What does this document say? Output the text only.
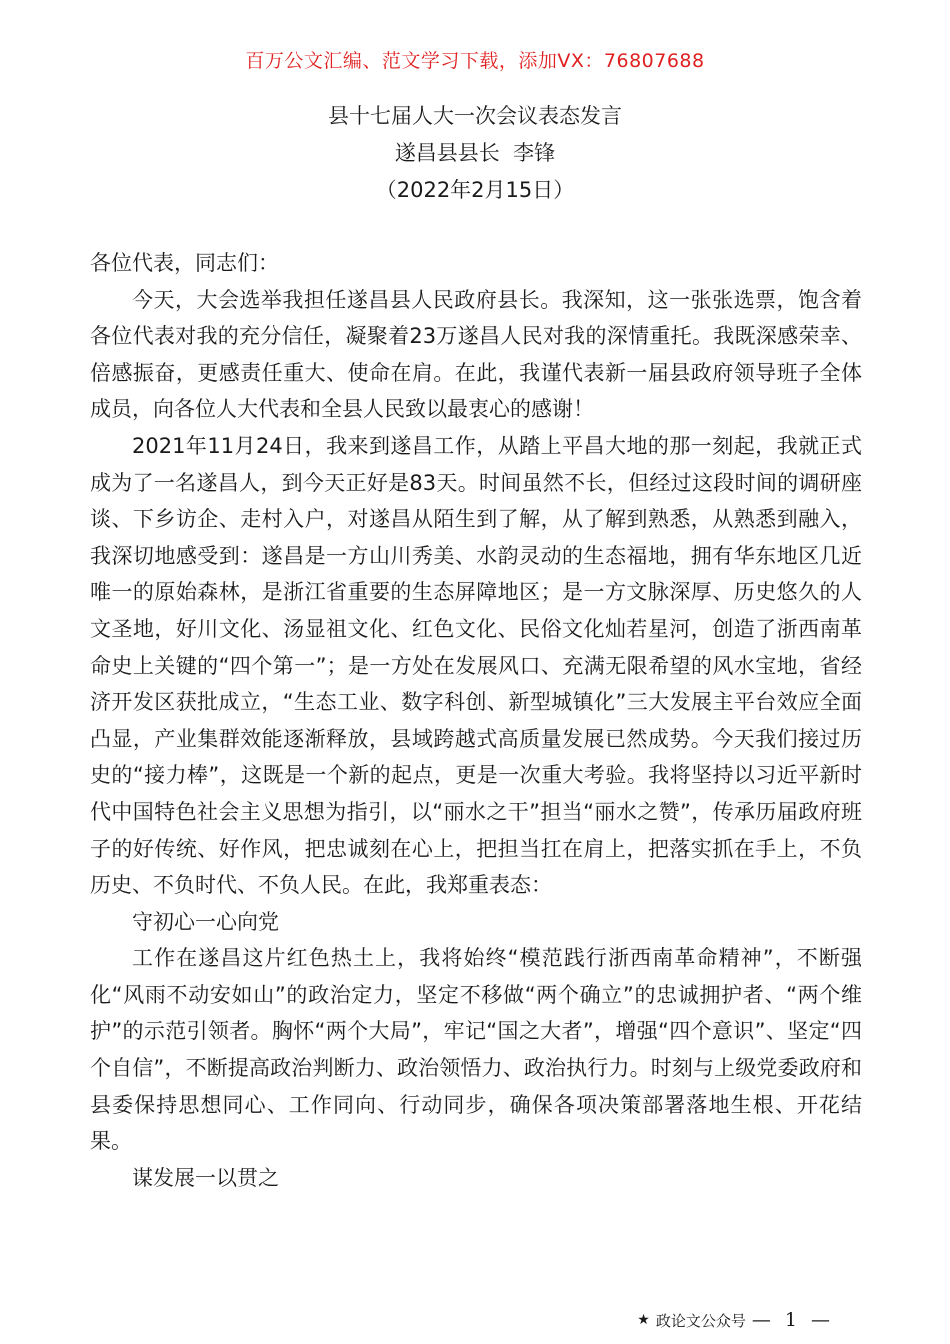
百万公文汇编、范文学习下载，添加VX：76807688
县十七届人大一次会议表态发言
遂昌县县长  李锋
（2022年2月15日）

各位代表，同志们：

今天，大会选举我担任遂昌县人民政府县长。我深知，这一张张选票，饱含着各位代表对我的充分信任，凝聚着23万遂昌人民对我的深情重托。我既深感荣幸、倍感振奋，更感责任重大、使命在肩。在此，我谨代表新一届县政府领导班子全体成员，向各位人大代表和全县人民致以最衷心的感谢！

2021年11月24日，我来到遂昌工作，从踏上平昌大地的那一刻起，我就正式成为了一名遂昌人，到今天正好是83天。时间虽然不长，但经过这段时间的调研座谈、下乡访企、走村入户，对遂昌从陌生到了解，从了解到熟悉，从熟悉到融入，我深切地感受到：遂昌是一方山川秀美、水韵灵动的生态福地，拥有华东地区几近唯一的原始森林，是浙江省重要的生态屏障地区；是一方文脉深厚、历史悠久的人文圣地，好川文化、汤显祖文化、红色文化、民俗文化灿若星河，创造了浙西南革命史上关键的“四个第一”；是一方处在发展风口、充满无限希望的风水宝地，省经济开发区获批成立，“生态工业、数字科创、新型城镇化”三大发展主平台效应全面凸显，产业集群效能逐渐释放，县域跨越式高质量发展已然成势。今天我们接过历史的“接力棒”，这既是一个新的起点，更是一次重大考验。我将坚持以习近平新时代中国特色社会主义思想为指引，以“丽水之干”担当“丽水之赞”，传承历届政府班子的好传统、好作风，把忠诚刻在心上，把担当扛在肩上，把落实抓在手上，不负历史、不负时代、不负人民。在此，我郑重表态：

守初心一心向党

工作在遂昌这片红色热土上，我将始终“模范践行浙西南革命精神”，不断强化“风雨不动安如山”的政治定力，坚定不移做“两个确立”的忠诚拥护者、“两个维护”的示范引领者。胸怀“两个大局”，牢记“国之大者”，增强“四个意识”、坚定“四个自信”，不断提高政治判断力、政治领悟力、政治执行力。时刻与上级党委政府和县委保持思想同心、工作同向、行动同步，确保各项决策部署落地生根、开花结果。

谋发展一以贯之

★ 政论文公众号 — 1 —
